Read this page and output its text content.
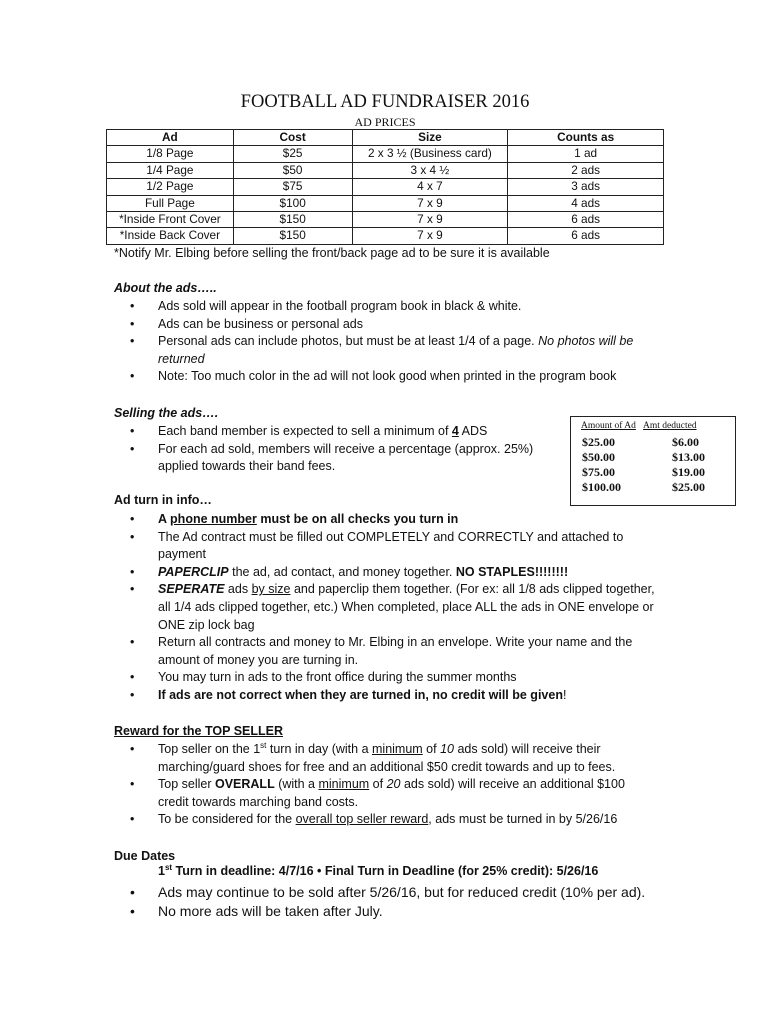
FOOTBALL AD FUNDRAISER 2016
AD PRICES
Ad	Cost	Size	Counts as
1/8 Page	$25	2 x 3 ½ (Business card)	1 ad
1/4 Page	$50	3 x 4 ½	2 ads
1/2 Page	$75	4 x 7	3 ads
Full Page	$100	7 x 9	4 ads
*Inside Front Cover	$150	7 x 9	6 ads
*Inside Back Cover	$150	7 x 9	6 ads
*Notify Mr. Elbing before selling the front/back page ad to be sure it is available
About the ads…..
• Ads sold will appear in the football program book in black & white.
• Ads can be business or personal ads
• Personal ads can include photos, but must be at least 1/4 of a page. No photos will be returned
• Note: Too much color in the ad will not look good when printed in the program book
Selling the ads….
• Each band member is expected to sell a minimum of 4 ADS
• For each ad sold, members will receive a percentage (approx. 25%) applied towards their band fees.
Amount of Ad Amt deducted
$25.00	$6.00
$50.00	$13.00
$75.00	$19.00
$100.00	$25.00
Ad turn in info…
• A phone number must be on all checks you turn in
• The Ad contract must be filled out COMPLETELY and CORRECTLY and attached to payment
• PAPERCLIP the ad, ad contact, and money together. NO STAPLES!!!!!!!!
• SEPERATE ads by size and paperclip them together. (For ex: all 1/8 ads clipped together, all 1/4 ads clipped together, etc.) When completed, place ALL the ads in ONE envelope or ONE zip lock bag
• Return all contracts and money to Mr. Elbing in an envelope. Write your name and the amount of money you are turning in.
• You may turn in ads to the front office during the summer months
• If ads are not correct when they are turned in, no credit will be given!
Reward for the TOP SELLER
• Top seller on the 1st turn in day (with a minimum of 10 ads sold) will receive their marching/guard shoes for free and an additional $50 credit towards and up to fees.
• Top seller OVERALL (with a minimum of 20 ads sold) will receive an additional $100 credit towards marching band costs.
• To be considered for the overall top seller reward, ads must be turned in by 5/26/16
Due Dates
1st Turn in deadline: 4/7/16 • Final Turn in Deadline (for 25% credit): 5/26/16
• Ads may continue to be sold after 5/26/16, but for reduced credit (10% per ad).
• No more ads will be taken after July.
